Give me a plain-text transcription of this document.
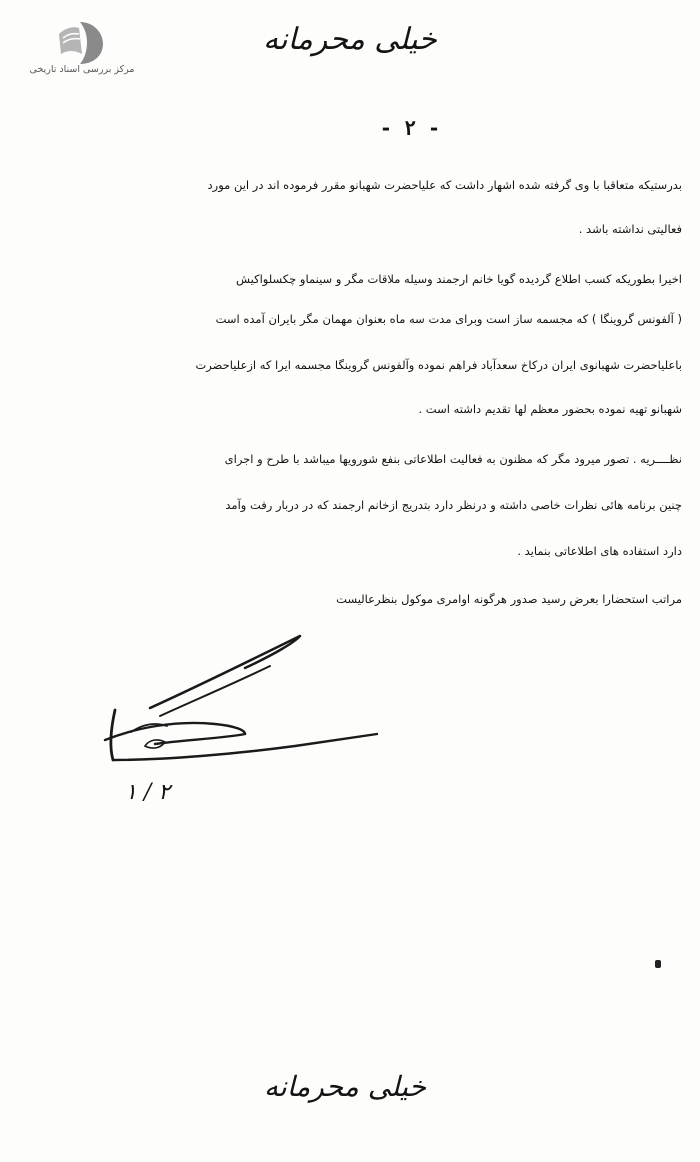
مرکز بررسی اسناد تاریخی
خیلی محرمانه
- ۲ -
بدرستیکه متعاقبا با وی گرفته شده اشهار داشت که علیاحضرت شهبانو مقرر فرموده اند در این مورد
فعالیتی نداشته باشد .
اخیرا بطوریکه کسب اطلاع گردیده گویا خانم ارجمند وسیله ملاقات مگر و سینماو چکسلواکیش
( آلفونس گروینگا ) که مجسمه ساز است وبرای مدت سه ماه بعنوان مهمان مگر بایران آمده است
باعلیاحضرت شهبانوی ایران درکاخ سعدآباد فراهم نموده وآلفونس گروینگا مجسمه ایرا که ازعلیاحضرت
شهبانو تهیه نموده بحضور معظم لها تقدیم داشته است .
نظــــریه . تصور میرود مگر که مظنون به فعالیت اطلاعاتی بنفع شورویها میباشد با طرح و اجرای
چنین برنامه هائی نظرات خاصی داشته و درنظر دارد بتدریج ازخانم ارجمند که در دربار رفت وآمد
دارد استفاده های اطلاعاتی بنماید .
مراتب استحضارا بعرض رسید صدور هرگونه اوامری موکول بنظرعالیست
۲ / ۱
خیلی محرمانه
